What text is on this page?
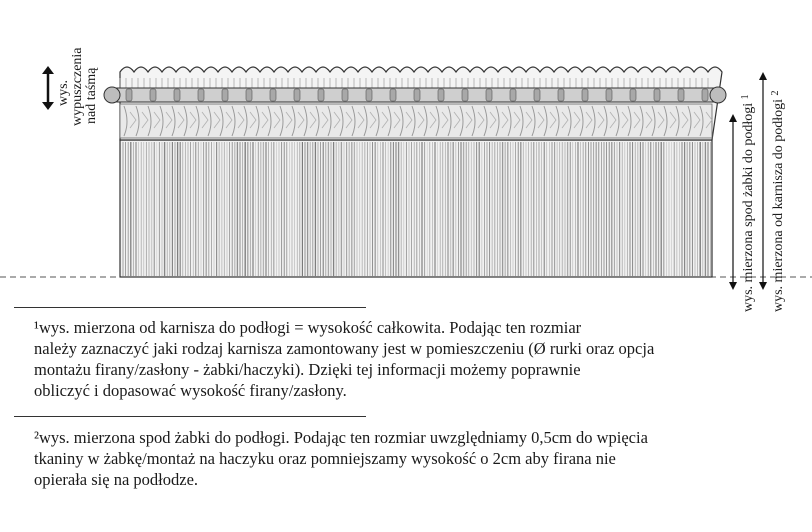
wys. wypuszczenia nad taśmą
wys. mierzona spod żabki do podłogi $^1$
wys. mierzona od karnisza do podłogi $^2$

¹wys. mierzona od karnisza do podłogi = wysokość całkowita. Podając ten rozmiar

należy zaznaczyć jaki rodzaj karnisza zamontowany jest w pomieszczeniu (Ø rurki oraz opcja

montażu firany/zasłony - żabki/haczyki). Dzięki tej informacji możemy poprawnie

obliczyć i dopasować wysokość firany/zasłony.

²wys. mierzona spod żabki do podłogi. Podając ten rozmiar uwzględniamy 0,5cm do wpięcia

tkaniny w żabkę/montaż na haczyku oraz pomniejszamy wysokość o 2cm aby firana nie

opierała się na podłodze.
